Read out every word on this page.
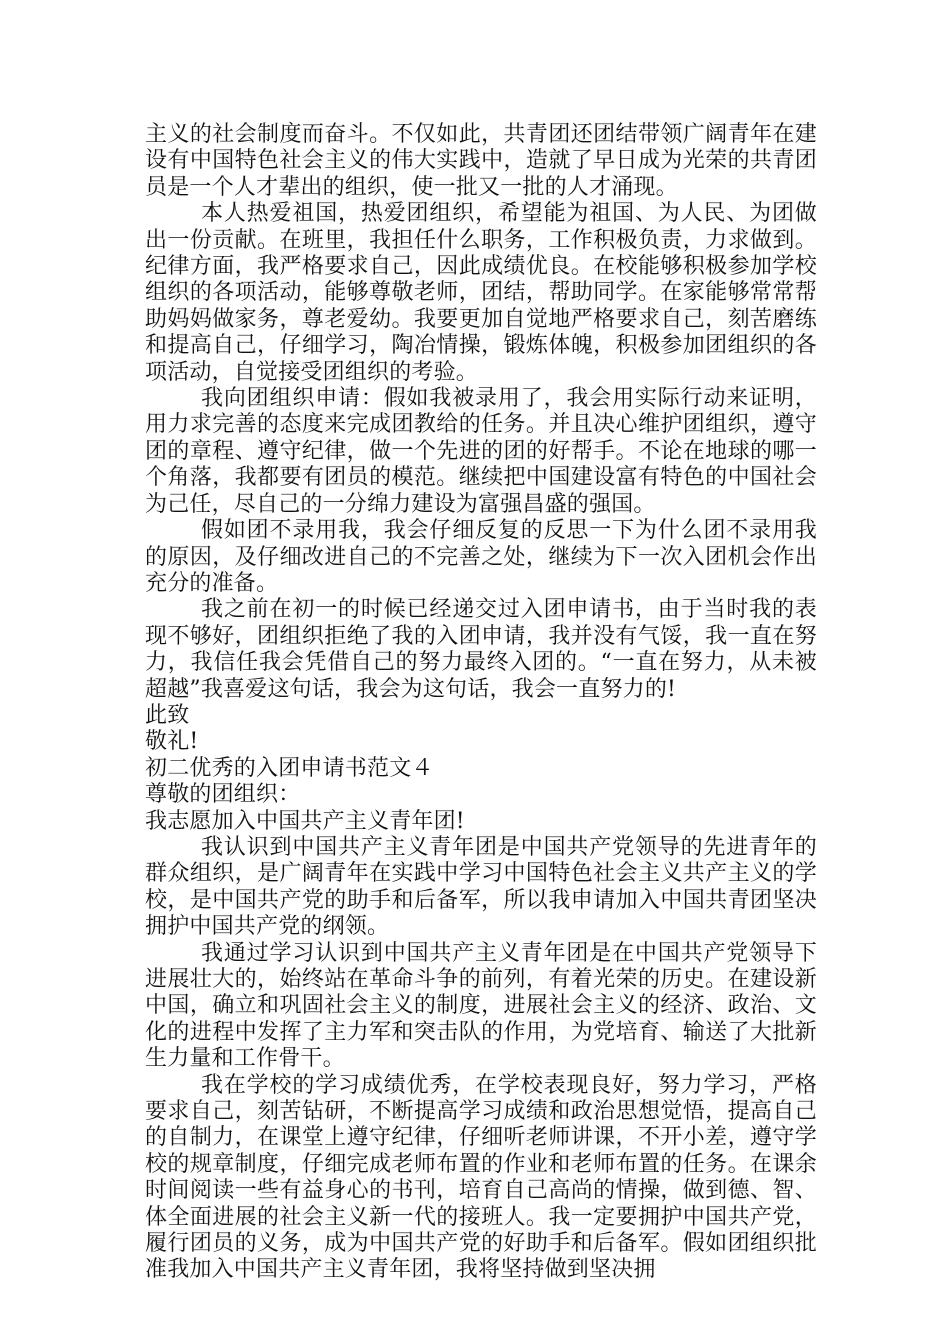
主义的社会制度而奋斗。不仅如此，共青团还团结带领广阔青年在建设有中国特色社会主义的伟大实践中，造就了早日成为光荣的共青团员是一个人才辈出的组织，使一批又一批的人才涌现。

本人热爱祖国，热爱团组织，希望能为祖国、为人民、为团做出一份贡献。在班里，我担任什么职务，工作积极负责，力求做到。纪律方面，我严格要求自己，因此成绩优良。在校能够积极参加学校组织的各项活动，能够尊敬老师，团结，帮助同学。在家能够常常帮助妈妈做家务，尊老爱幼。我要更加自觉地严格要求自己，刻苦磨练和提高自己，仔细学习，陶冶情操，锻炼体魄，积极参加团组织的各项活动，自觉接受团组织的考验。

我向团组织申请：假如我被录用了，我会用实际行动来证明，用力求完善的态度来完成团教给的任务。并且决心维护团组织，遵守团的章程、遵守纪律，做一个先进的团的好帮手。不论在地球的哪一个角落，我都要有团员的模范。继续把中国建设富有特色的中国社会为己任，尽自己的一分绵力建设为富强昌盛的强国。

假如团不录用我，我会仔细反复的反思一下为什么团不录用我的原因，及仔细改进自己的不完善之处，继续为下一次入团机会作出充分的准备。

我之前在初一的时候已经递交过入团申请书，由于当时我的表现不够好，团组织拒绝了我的入团申请，我并没有气馁，我一直在努力，我信任我会凭借自己的努力最终入团的。“一直在努力，从未被超越”我喜爱这句话，我会为这句话，我会一直努力的!

此致

敬礼!

初二优秀的入团申请书范文４

尊敬的团组织：

我志愿加入中国共产主义青年团!

我认识到中国共产主义青年团是中国共产党领导的先进青年的群众组织，是广阔青年在实践中学习中国特色社会主义共产主义的学校，是中国共产党的助手和后备军，所以我申请加入中国共青团坚决拥护中国共产党的纲领。

我通过学习认识到中国共产主义青年团是在中国共产党领导下进展壮大的，始终站在革命斗争的前列，有着光荣的历史。在建设新中国，确立和巩固社会主义的制度，进展社会主义的经济、政治、文化的进程中发挥了主力军和突击队的作用，为党培育、输送了大批新生力量和工作骨干。

我在学校的学习成绩优秀，在学校表现良好，努力学习，严格要求自己，刻苦钻研，不断提高学习成绩和政治思想觉悟，提高自己的自制力，在课堂上遵守纪律，仔细听老师讲课，不开小差，遵守学校的规章制度，仔细完成老师布置的作业和老师布置的任务。在课余时间阅读一些有益身心的书刊，培育自己高尚的情操，做到德、智、体全面进展的社会主义新一代的接班人。我一定要拥护中国共产党，履行团员的义务，成为中国共产党的好助手和后备军。假如团组织批准我加入中国共产主义青年团，我将坚持做到坚决拥
